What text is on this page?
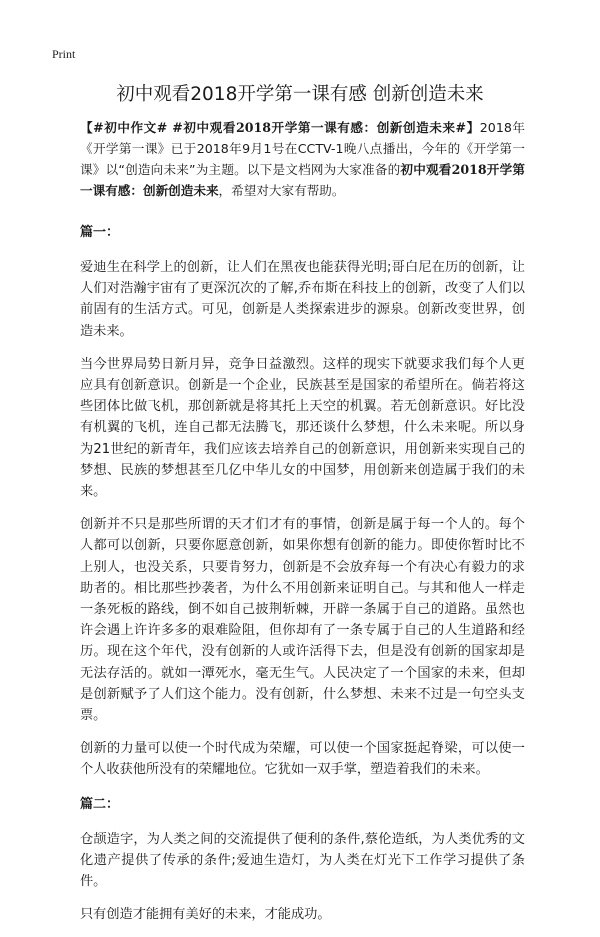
Print
初中观看2018开学第一课有感 创新创造未来

【#初中作文# #初中观看2018开学第一课有感：创新创造未来#】2018年《开学第一课》已于2018年9月1号在CCTV-1晚八点播出，今年的《开学第一课》以“创造向未来”为主题。以下是文档网为大家准备的初中观看2018开学第一课有感：创新创造未来，希望对大家有帮助。

篇一：

爱迪生在科学上的创新，让人们在黑夜也能获得光明;哥白尼在历的创新，让人们对浩瀚宇宙有了更深沉次的了解,乔布斯在科技上的创新，改变了人们以前固有的生活方式。可见，创新是人类探索进步的源泉。创新改变世界，创造未来。

当今世界局势日新月异，竞争日益激烈。这样的现实下就要求我们每个人更应具有创新意识。创新是一个企业，民族甚至是国家的希望所在。倘若将这些团体比做飞机，那创新就是将其托上天空的机翼。若无创新意识。好比没有机翼的飞机，连自己都无法腾飞，那还谈什么梦想，什么未来呢。所以身为21世纪的新青年，我们应该去培养自己的创新意识，用创新来实现自己的梦想、民族的梦想甚至几亿中华儿女的中国梦，用创新来创造属于我们的未来。

创新并不只是那些所谓的天才们才有的事情，创新是属于每一个人的。每个人都可以创新，只要你愿意创新，如果你想有创新的能力。即使你暂时比不上别人，也没关系，只要肯努力，创新是不会放弃每一个有决心有毅力的求助者的。相比那些抄袭者，为什么不用创新来证明自己。与其和他人一样走一条死板的路线，倒不如自己披荆斩棘，开辟一条属于自己的道路。虽然也许会遇上许许多多的艰难险阻，但你却有了一条专属于自己的人生道路和经历。现在这个年代，没有创新的人或许活得下去，但是没有创新的国家却是无法存活的。就如一潭死水，毫无生气。人民决定了一个国家的未来，但却是创新赋予了人们这个能力。没有创新，什么梦想、未来不过是一句空头支票。

创新的力量可以使一个时代成为荣耀，可以使一个国家挺起脊梁，可以使一个人收获他所没有的荣耀地位。它犹如一双手掌，塑造着我们的未来。

篇二：

仓颉造字，为人类之间的交流提供了便利的条件,蔡伦造纸，为人类优秀的文化遗产提供了传承的条件;爱迪生造灯，为人类在灯光下工作学习提供了条件。

只有创造才能拥有美好的未来，才能成功。
